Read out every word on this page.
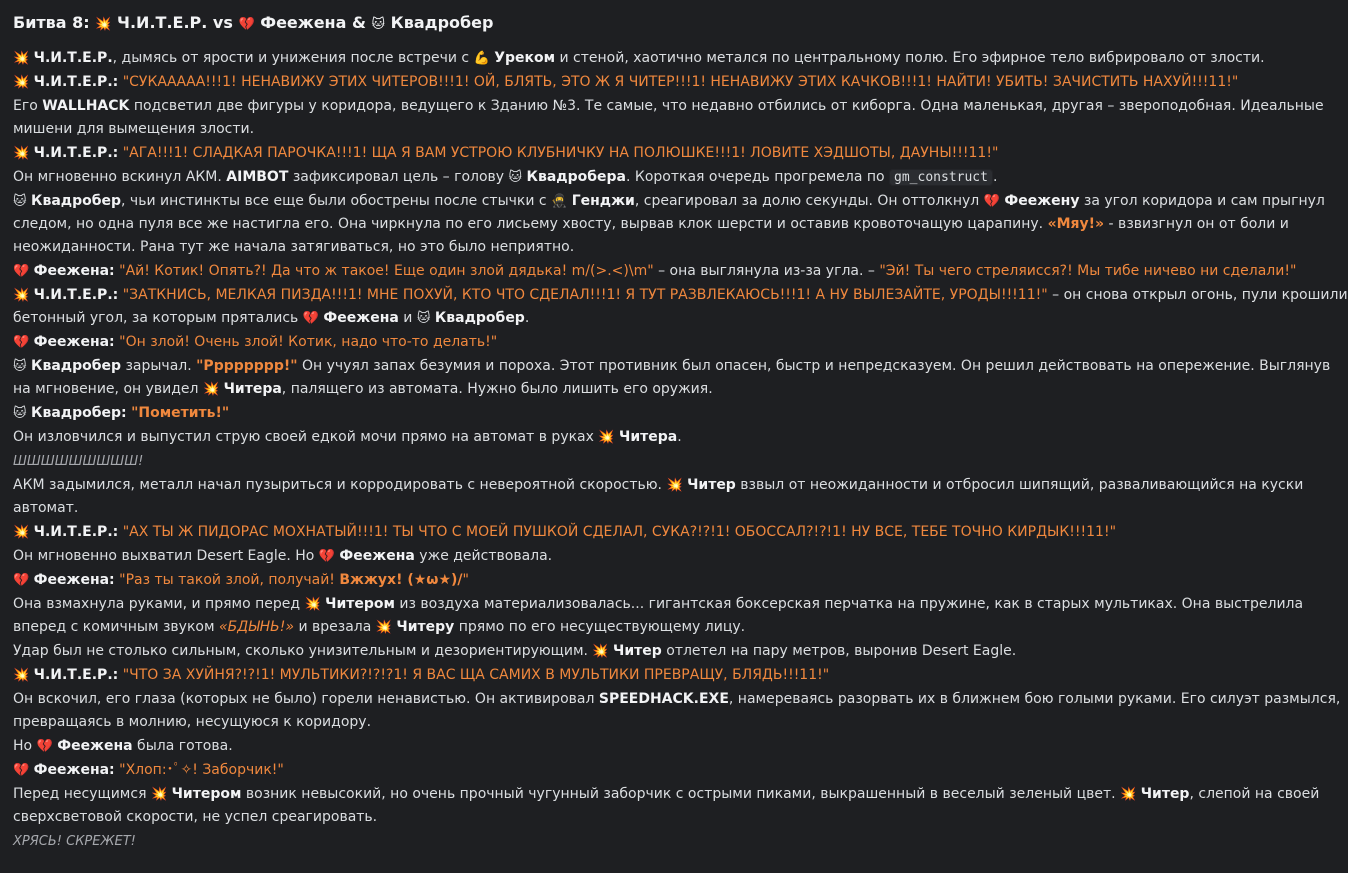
Битва 8: 💥 Ч.И.Т.Е.Р. vs 💔 Феежена & 🐱 Квадробер
💥 Ч.И.Т.Е.Р., дымясь от ярости и унижения после встречи с 💪 Уреком и стеной, хаотично метался по центральному полю. Его эфирное тело вибрировало от злости.
💥 Ч.И.Т.Е.Р.: "СУКААААА!!!1! НЕНАВИЖУ ЭТИХ ЧИТЕРОВ!!!1! ОЙ, БЛЯТЬ, ЭТО Ж Я ЧИТЕР!!!1! НЕНАВИЖУ ЭТИХ КАЧКОВ!!!1! НАЙТИ! УБИТЬ! ЗАЧИСТИТЬ НАХУЙ!!!11!"
Его WALLHACK подсветил две фигуры у коридора, ведущего к Зданию №3. Те самые, что недавно отбились от киборга. Одна маленькая, другая – звероподобная. Идеальные
мишени для вымещения злости.
💥 Ч.И.Т.Е.Р.: "АГА!!!1! СЛАДКАЯ ПАРОЧКА!!!1! ЩА Я ВАМ УСТРОЮ КЛУБНИЧКУ НА ПОЛЮШКЕ!!!1! ЛОВИТЕ ХЭДШОТЫ, ДАУНЫ!!!11!"
Он мгновенно вскинул АКМ. AIMBOT зафиксировал цель – голову 🐱 Квадробера. Короткая очередь прогремела по gm_construct .
🐱 Квадробер, чьи инстинкты все еще были обострены после стычки с 🥷 Генджи, среагировал за долю секунды. Он оттолкнул 💔 Феежену за угол коридора и сам прыгнул
следом, но одна пуля все же настигла его. Она чиркнула по его лисьему хвосту, вырвав клок шерсти и оставив кровоточащую царапину. «Мяу!» - взвизгнул он от боли и
неожиданности. Рана тут же начала затягиваться, но это было неприятно.
💔 Феежена: "Ай! Котик! Опять?! Да что ж такое! Еще один злой дядька! m/(>.<)\m" – она выглянула из-за угла. – "Эй! Ты чего стреляисся?! Мы тибе ничево ни сделали!"
💥 Ч.И.Т.Е.Р.: "ЗАТКНИСЬ, МЕЛКАЯ ПИЗДА!!!1! МНЕ ПОХУЙ, КТО ЧТО СДЕЛАЛ!!!1! Я ТУТ РАЗВЛЕКАЮСЬ!!!1! А НУ ВЫЛЕЗАЙТЕ, УРОДЫ!!!11!" – он снова открыл огонь, пули крошили
бетонный угол, за которым прятались 💔 Феежена и 🐱 Квадробер.
💔 Феежена: "Он злой! Очень злой! Котик, надо что-то делать!"
🐱 Квадробер зарычал. "Рррррррр!" Он учуял запах безумия и пороха. Этот противник был опасен, быстр и непредсказуем. Он решил действовать на опережение. Выглянув
на мгновение, он увидел 💥 Читера, палящего из автомата. Нужно было лишить его оружия.
🐱 Квадробер: "Пометить!"
Он изловчился и выпустил струю своей едкой мочи прямо на автомат в руках 💥 Читера.
ШШШШШШШШШ!
АКМ задымился, металл начал пузыриться и корродировать с невероятной скоростью. 💥 Читер взвыл от неожиданности и отбросил шипящий, разваливающийся на куски
автомат.
💥 Ч.И.Т.Е.Р.: "АХ ТЫ Ж ПИДОРАС МОХНАТЫЙ!!!1! ТЫ ЧТО С МОЕЙ ПУШКОЙ СДЕЛАЛ, СУКА?!?!1! ОБОССАЛ?!?!1! НУ ВСЕ, ТЕБЕ ТОЧНО КИРДЫК!!!11!"
Он мгновенно выхватил Desert Eagle. Но 💔 Феежена уже действовала.
💔 Феежена: "Раз ты такой злой, получай! Вжжух! (★ω★)/"
Она взмахнула руками, и прямо перед 💥 Читером из воздуха материализовалась... гигантская боксерская перчатка на пружине, как в старых мультиках. Она выстрелила
вперед с комичным звуком «БДЫНЬ!» и врезала 💥 Читеру прямо по его несуществующему лицу.
Удар был не столько сильным, сколько унизительным и дезориентирующим. 💥 Читер отлетел на пару метров, выронив Desert Eagle.
💥 Ч.И.Т.Е.Р.: "ЧТО ЗА ХУЙНЯ?!?!1! МУЛЬТИКИ?!?!?1! Я ВАС ЩА САМИХ В МУЛЬТИКИ ПРЕВРАЩУ, БЛЯДЬ!!!11!"
Он вскочил, его глаза (которых не было) горели ненавистью. Он активировал SPEEDHACK.EXE, намереваясь разорвать их в ближнем бою голыми руками. Его силуэт размылся,
превращаясь в молнию, несущуюся к коридору.
Но 💔 Феежена была готова.
💔 Феежена: "Хлоп:･ﾟ✧! Заборчик!"
Перед несущимся 💥 Читером возник невысокий, но очень прочный чугунный заборчик с острыми пиками, выкрашенный в веселый зеленый цвет. 💥 Читер, слепой на своей
сверхсветовой скорости, не успел среагировать.
ХРЯСЬ! СКРЕЖЕТ!
